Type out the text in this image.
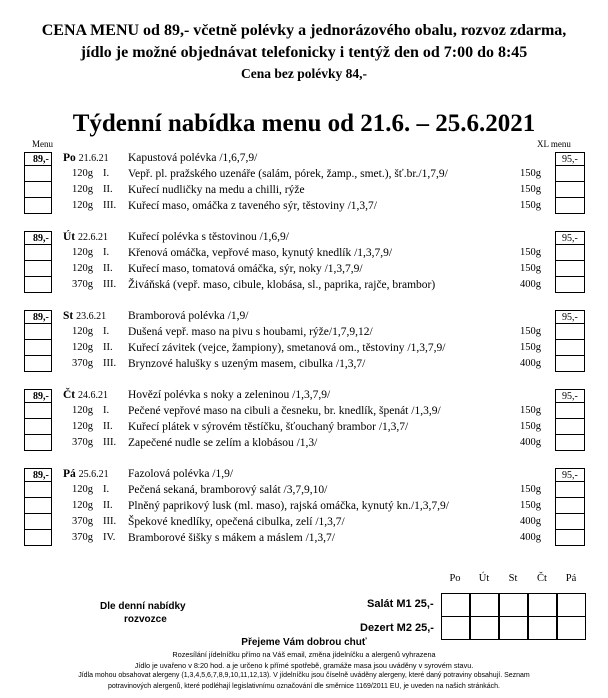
CENA MENU od 89,- včetně polévky a jednorázového obalu, rozvoz zdarma,
jídlo je možné objednávat telefonicky i tentýž den od 7:00 do 8:45
Cena bez polévky 84,-
Týdenní nabídka menu od 21.6. – 25.6.2021
Menu	XL menu
89,-	95,-
Po 21.6.21 Kapustová polévka /1,6,7,9/
120g I. Vepř. pl. pražského uzenáře (salám, pórek, žamp., smet.), šť.br./1,7,9/	150g
120g II. Kuřecí nudličky na medu a chilli, rýže	150g
120g III. Kuřecí maso, omáčka z taveného sýr, těstoviny /1,3,7/	150g
89,-	95,-
Út 22.6.21 Kuřecí polévka s těstovinou /1,6,9/
120g I. Křenová omáčka, vepřové maso, kynutý knedlík /1,3,7,9/	150g
120g II. Kuřecí maso, tomatová omáčka, sýr, noky /1,3,7,9/	150g
370g III. Živáňská (vepř. maso, cibule, klobása, sl., paprika, rajče, brambor)	400g
89,-	95,-
St 23.6.21 Bramborová polévka /1,9/
120g I. Dušená vepř. maso na pivu s houbami, rýže/1,7,9,12/	150g
120g II. Kuřecí závitek (vejce, žampiony), smetanová om., těstoviny /1,3,7,9/	150g
370g III. Brynzové halušky s uzeným masem, cibulka /1,3,7/	400g
89,-	95,-
Čt 24.6.21 Hovězí polévka s noky a zeleninou /1,3,7,9/
120g I. Pečené vepřové maso na cibuli a česneku, br. knedlík, špenát /1,3,9/	150g
120g II. Kuřecí plátek v sýrovém těstíčku, šťouchaný brambor /1,3,7/	150g
370g III. Zapečené nudle se zelím a klobásou /1,3/	400g
89,-	95,-
Pá 25.6.21 Fazolová polévka /1,9/
120g I. Pečená sekaná, bramborový salát /3,7,9,10/	150g
120g II. Plněný paprikový lusk (ml. maso), rajská omáčka, kynutý kn./1,3,7,9/	150g
370g III. Špekové knedlíky, opečená cibulka, zelí /1,3,7/	400g
370g IV. Bramborové šišky s mákem a máslem /1,3,7/	400g
Po	Út	St	Čt	Pá
Dle denní nabídky
rozvozce
Salát M1 25,-
Dezert M2 25,-
Přejeme Vám dobrou chuť
Rozesílání jídelníčku přímo na Váš email, změna jídelníčku a alergenů vyhrazena
Jídlo je uvařeno v 8:20 hod. a je určeno k přímé spotřebě, gramáže masa jsou uváděny v syrovém stavu.
Jídla mohou obsahovat alergeny (1,3,4,5,6,7,8,9,10,11,12,13). V jídelníčku jsou číselně uváděny alergeny, které daný potraviny obsahují. Seznam
potravinových alergenů, které podléhají legislativnímu označování dle směrnice 1169/2011 EU, je uveden na našich stránkách.
